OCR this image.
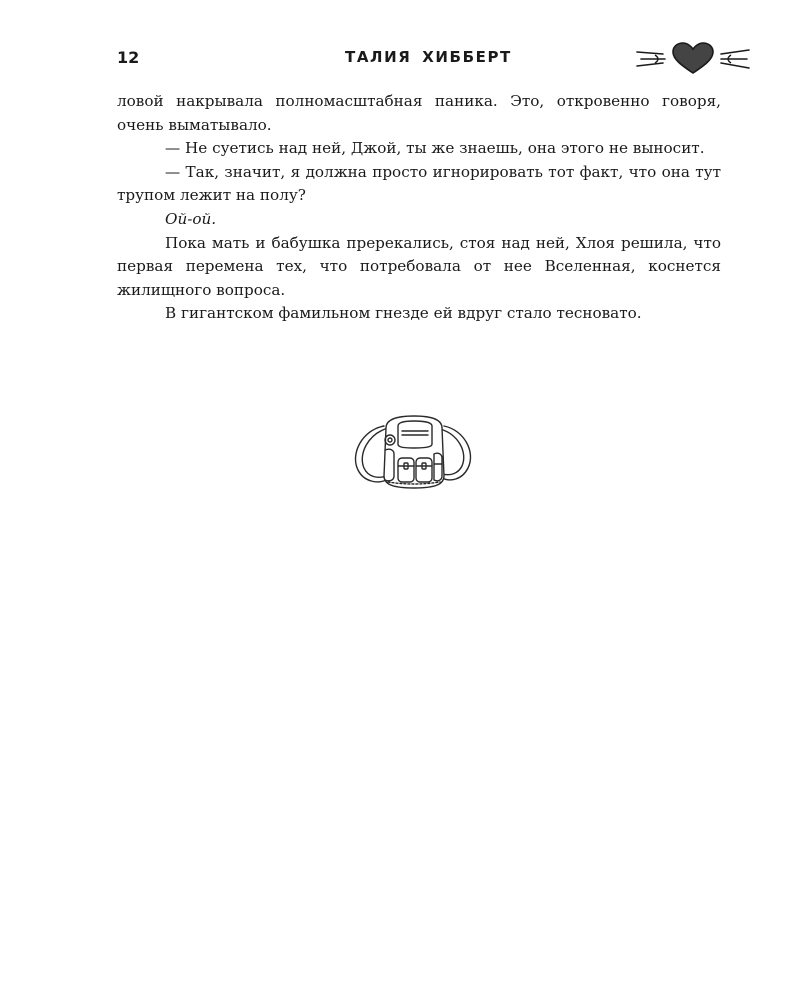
12	ТАЛИЯ ХИББЕРТ

ловой накрывала полномасштабная паника. Это, откровенно говоря, очень выматывало.

— Не суетись над ней, Джой, ты же знаешь, она этого не выносит.

— Так, значит, я должна просто игнорировать тот факт, что она тут трупом лежит на полу?

Ой-ой.

Пока мать и бабушка пререкались, стоя над ней, Хлоя решила, что первая перемена тех, что потребовала от нее Вселенная, коснется жилищного вопроса.

В гигантском фамильном гнезде ей вдруг стало тесновато.
